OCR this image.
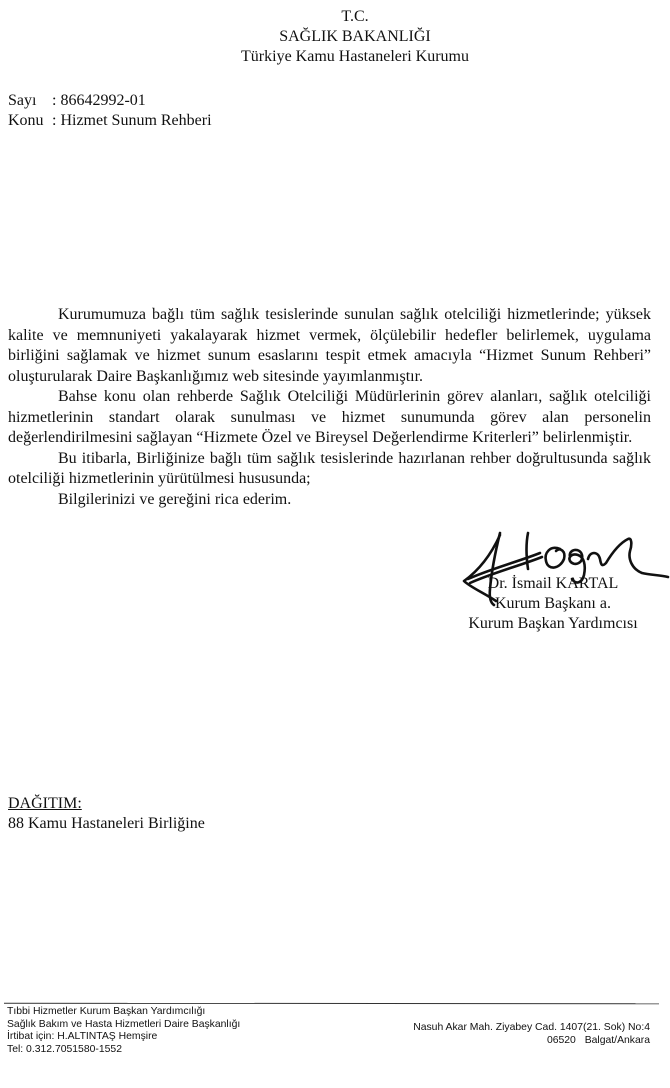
T.C.
SAĞLIK BAKANLIĞI
Türkiye Kamu Hastaneleri Kurumu
Sayı : 86642992-01
Konu : Hizmet Sunum Rehberi

Kurumumuza bağlı tüm sağlık tesislerinde sunulan sağlık otelciliği hizmetlerinde; yüksek kalite ve memnuniyeti yakalayarak hizmet vermek, ölçülebilir hedefler belirlemek, uygulama birliğini sağlamak ve hizmet sunum esaslarını tespit etmek amacıyla “Hizmet Sunum Rehberi” oluşturularak Daire Başkanlığımız web sitesinde yayımlanmıştır.

Bahse konu olan rehberde Sağlık Otelciliği Müdürlerinin görev alanları, sağlık otelciliği hizmetlerinin standart olarak sunulması ve hizmet sunumunda görev alan personelin değerlendirilmesini sağlayan “Hizmete Özel ve Bireysel Değerlendirme Kriterleri” belirlenmiştir.

Bu itibarla, Birliğinize bağlı tüm sağlık tesislerinde hazırlanan rehber doğrultusunda sağlık otelciliği hizmetlerinin yürütülmesi hususunda;

Bilgilerinizi ve gereğini rica ederim.

Dr. İsmail KARTAL
Kurum Başkanı a.
Kurum Başkan Yardımcısı
DAĞITIM:
88 Kamu Hastaneleri Birliğine
Tıbbi Hizmetler Kurum Başkan Yardımcılığı
Sağlık Bakım ve Hasta Hizmetleri Daire Başkanlığı
İrtibat için: H.ALTINTAŞ Hemşire
Tel: 0.312.7051580-1552
Nasuh Akar Mah. Ziyabey Cad. 1407(21. Sok) No:4
06520 Balgat/Ankara
